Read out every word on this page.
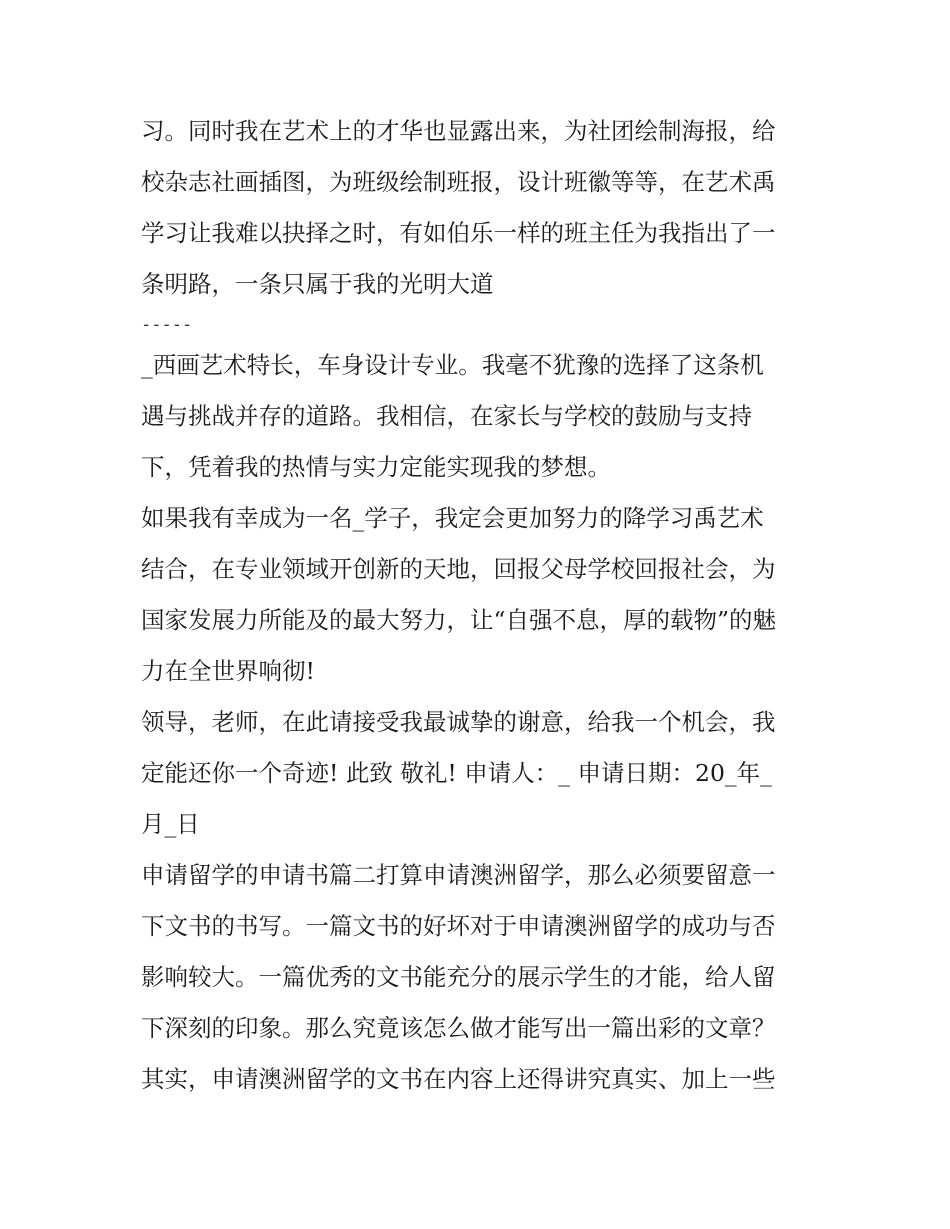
习。同时我在艺术上的才华也显露出来，为社团绘制海报，给
校杂志社画插图，为班级绘制班报，设计班徽等等，在艺术禹
学习让我难以抉择之时，有如伯乐一样的班主任为我指出了一
条明路，一条只属于我的光明大道
-----
_西画艺术特长，车身设计专业。我毫不犹豫的选择了这条机
遇与挑战并存的道路。我相信，在家长与学校的鼓励与支持
下，凭着我的热情与实力定能实现我的梦想。
如果我有幸成为一名_学子，我定会更加努力的降学习禹艺术
结合，在专业领域开创新的天地，回报父母学校回报社会，为
国家发展力所能及的最大努力，让“自强不息，厚的载物”的魅
力在全世界响彻!
领导，老师，在此请接受我最诚挚的谢意，给我一个机会，我
定能还你一个奇迹! 此致 敬礼! 申请人：_ 申请日期：20_年_
月_日
申请留学的申请书篇二打算申请澳洲留学，那么必须要留意一
下文书的书写。一篇文书的好坏对于申请澳洲留学的成功与否
影响较大。一篇优秀的文书能充分的展示学生的才能，给人留
下深刻的印象。那么究竟该怎么做才能写出一篇出彩的文章？
其实，申请澳洲留学的文书在内容上还得讲究真实、加上一些
